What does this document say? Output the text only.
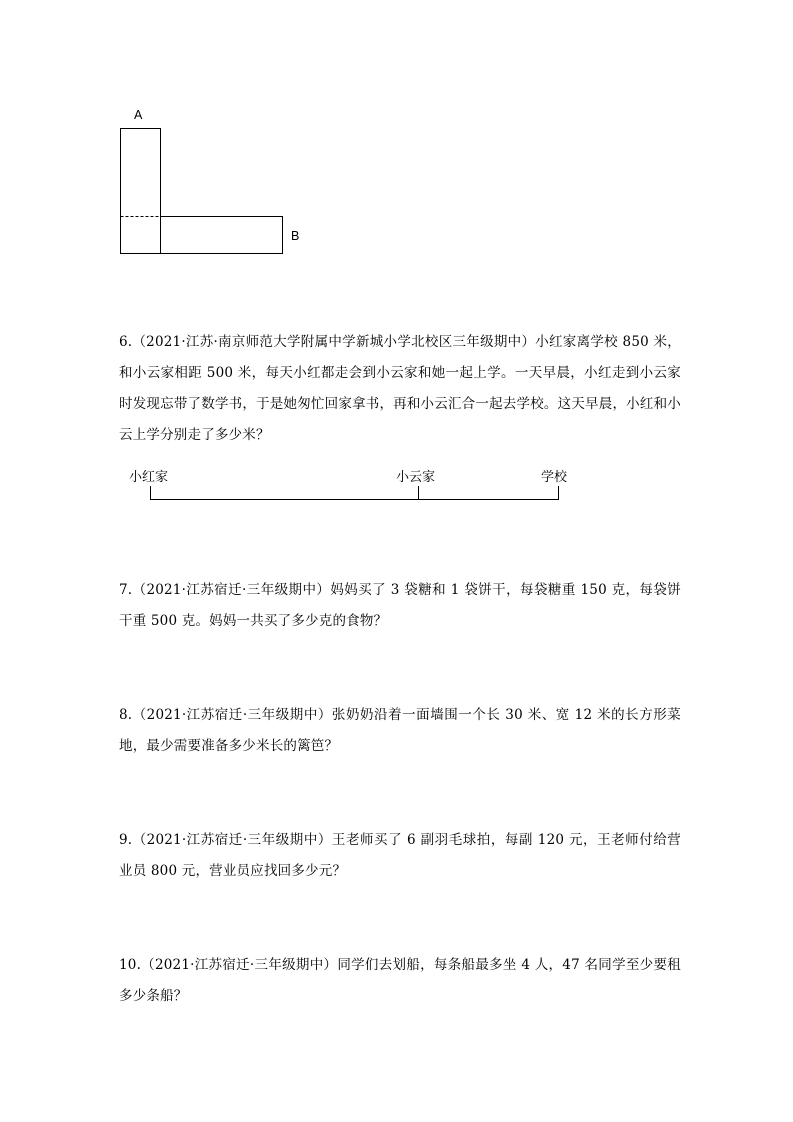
A
B

6.（2021·江苏·南京师范大学附属中学新城小学北校区三年级期中）小红家离学校 850 米，和小云家相距 500 米，每天小红都走会到小云家和她一起上学。一天早晨，小红走到小云家时发现忘带了数学书，于是她匆忙回家拿书，再和小云汇合一起去学校。这天早晨，小红和小云上学分别走了多少米？

小红家	小云家	学校

7.（2021·江苏宿迁·三年级期中）妈妈买了 3 袋糖和 1 袋饼干，每袋糖重 150 克，每袋饼干重 500 克。妈妈一共买了多少克的食物？

8.（2021·江苏宿迁·三年级期中）张奶奶沿着一面墙围一个长 30 米、宽 12 米的长方形菜地，最少需要准备多少米长的篱笆？

9.（2021·江苏宿迁·三年级期中）王老师买了 6 副羽毛球拍，每副 120 元，王老师付给营业员 800 元，营业员应找回多少元？

10.（2021·江苏宿迁·三年级期中）同学们去划船，每条船最多坐 4 人，47 名同学至少要租多少条船？
